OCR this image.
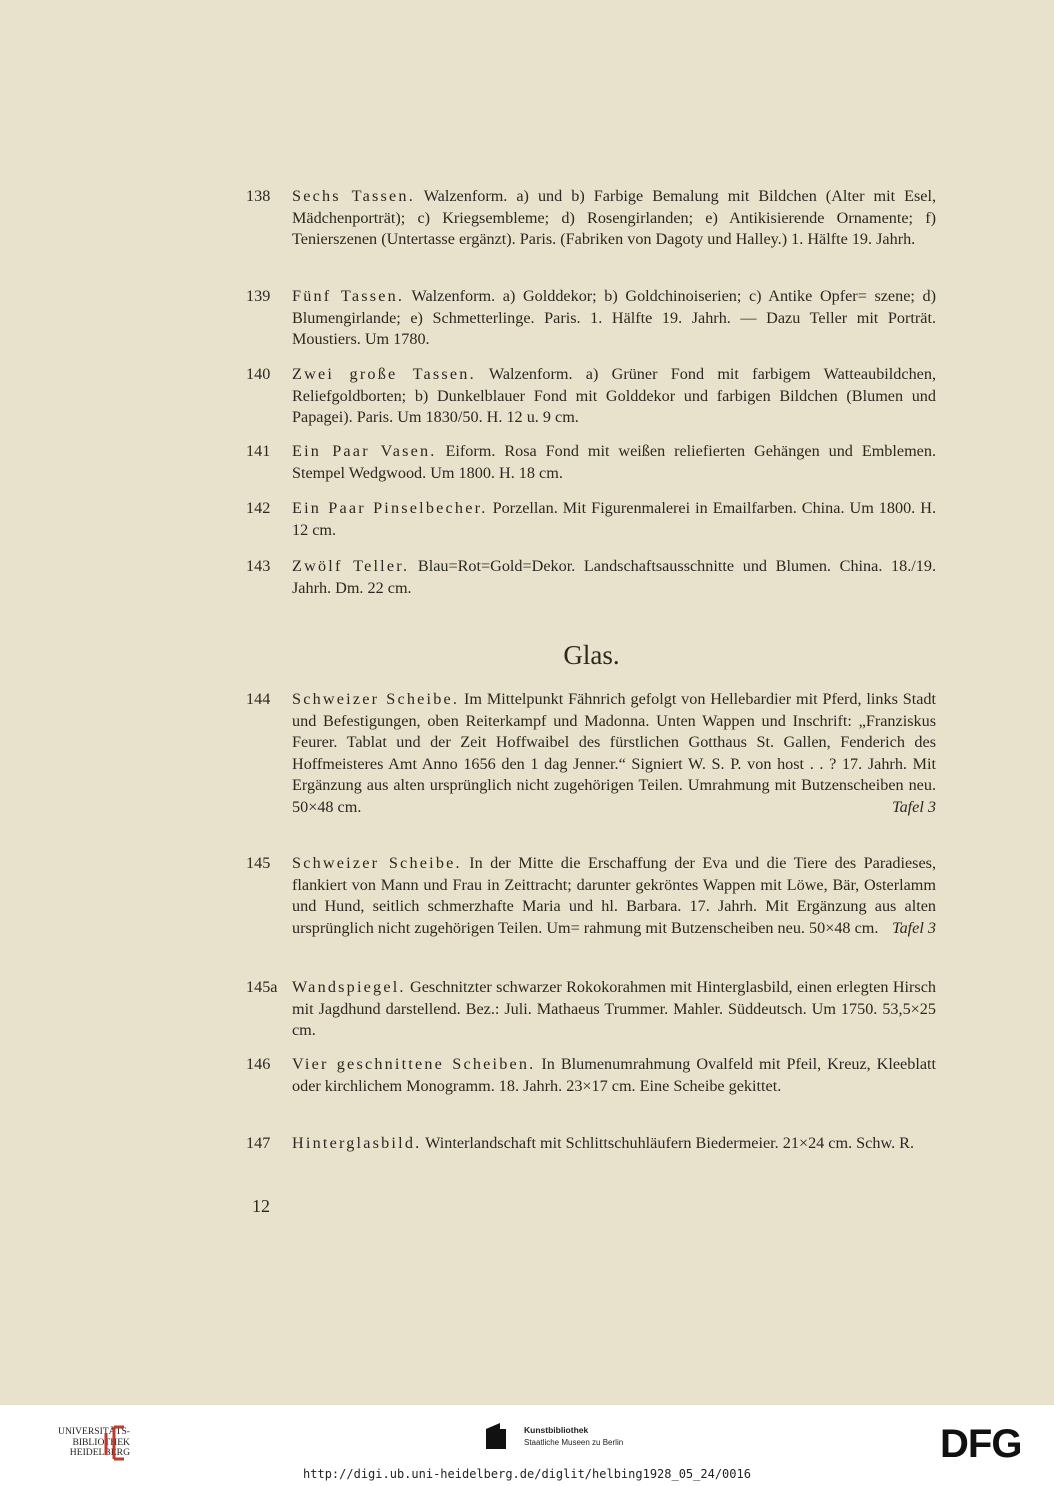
138	Sechs Tassen. Walzenform. a) und b) Farbige Bemalung mit Bildchen (Alter mit Esel, Mädchenporträt); c) Kriegsembleme; d) Rosengirlanden; e) Antikisierende Ornamente; f) Tenierszenen (Untertasse ergänzt). Paris. (Fabriken von Dagoty und Halley.) 1. Hälfte 19. Jahrh.
139	Fünf Tassen. Walzenform. a) Golddekor; b) Goldchinoiserien; c) Antike Opfer= szene; d) Blumengirlande; e) Schmetterlinge. Paris. 1. Hälfte 19. Jahrh. — Dazu Teller mit Porträt. Moustiers. Um 1780.
140	Zwei große Tassen. Walzenform. a) Grüner Fond mit farbigem Watteaubildchen, Reliefgoldborten; b) Dunkelblauer Fond mit Golddekor und farbigen Bildchen (Blumen und Papagei). Paris. Um 1830/50. H. 12 u. 9 cm.
141	Ein Paar Vasen. Eiform. Rosa Fond mit weißen reliefierten Gehängen und Emblemen. Stempel Wedgwood. Um 1800. H. 18 cm.
142	Ein Paar Pinselbecher. Porzellan. Mit Figurenmalerei in Emailfarben. China. Um 1800. H. 12 cm.
143	Zwölf Teller. Blau=Rot=Gold=Dekor. Landschaftsausschnitte und Blumen. China. 18./19. Jahrh. Dm. 22 cm.
Glas.
144	Schweizer Scheibe. Im Mittelpunkt Fähnrich gefolgt von Hellebardier mit Pferd, links Stadt und Befestigungen, oben Reiterkampf und Madonna. Unten Wappen und Inschrift: „Franziskus Feurer. Tablat und der Zeit Hoffwaibel des fürstlichen Gotthaus St. Gallen, Fenderich des Hoffmeisteres Amt Anno 1656 den 1 dag Jenner.“ Signiert W. S. P. von host . . ? 17. Jahrh. Mit Ergänzung aus alten ursprünglich nicht zugehörigen Teilen. Umrahmung mit Butzenscheiben neu. 50×48 cm.	Tafel 3
145	Schweizer Scheibe. In der Mitte die Erschaffung der Eva und die Tiere des Paradieses, flankiert von Mann und Frau in Zeittracht; darunter gekröntes Wappen mit Löwe, Bär, Osterlamm und Hund, seitlich schmerzhafte Maria und hl. Barbara. 17. Jahrh. Mit Ergänzung aus alten ursprünglich nicht zugehörigen Teilen. Um= rahmung mit Butzenscheiben neu. 50×48 cm. Tafel 3
145a Wandspiegel. Geschnitzter schwarzer Rokokorahmen mit Hinterglasbild, einen erlegten Hirsch mit Jagdhund darstellend. Bez.: Juli. Mathaeus Trummer. Mahler. Süddeutsch. Um 1750. 53,5×25 cm.
146	Vier geschnittene Scheiben. In Blumenumrahmung Ovalfeld mit Pfeil, Kreuz, Kleeblatt oder kirchlichem Monogramm. 18. Jahrh. 23×17 cm. Eine Scheibe gekittet.
147	Hinterglasbild. Winterlandschaft mit Schlittschuhläufern Biedermeier. 21×24 cm. Schw. R.
12
UNIVERSITÄTS-
BIBLIOTHEK
HEIDELBERG
Kunstbibliothek
Staatliche Museen zu Berlin	DFG
http://digi.ub.uni-heidelberg.de/diglit/helbing1928_05_24/0016
